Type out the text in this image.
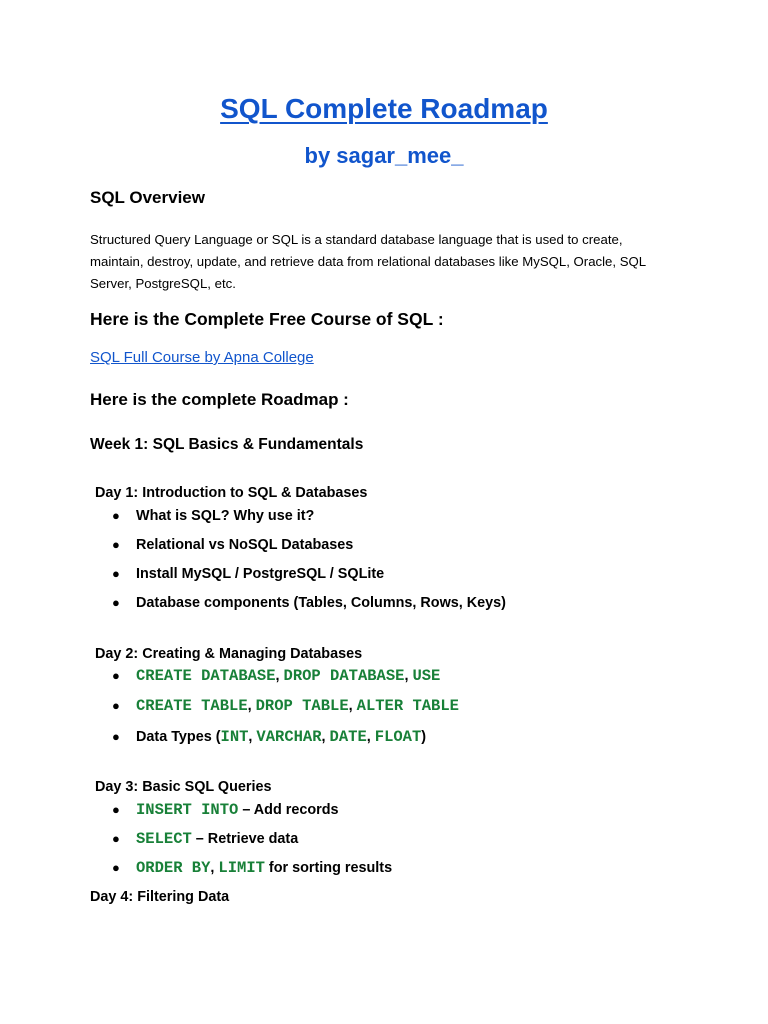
SQL Complete Roadmap
by sagar_mee_
SQL Overview
Structured Query Language or SQL is a standard database language that is used to create,
maintain, destroy, update, and retrieve data from relational databases like MySQL, Oracle, SQL
Server, PostgreSQL, etc.
Here is the Complete Free Course of SQL :
SQL Full Course by Apna College
Here is the complete Roadmap :
Week 1: SQL Basics & Fundamentals
Day 1: Introduction to SQL & Databases
● What is SQL? Why use it?
● Relational vs NoSQL Databases
● Install MySQL / PostgreSQL / SQLite
● Database components (Tables, Columns, Rows, Keys)
Day 2: Creating & Managing Databases
● CREATE DATABASE, DROP DATABASE, USE
● CREATE TABLE, DROP TABLE, ALTER TABLE
● Data Types (INT, VARCHAR, DATE, FLOAT)
Day 3: Basic SQL Queries
● INSERT INTO – Add records
● SELECT – Retrieve data
● ORDER BY, LIMIT for sorting results
Day 4: Filtering Data
